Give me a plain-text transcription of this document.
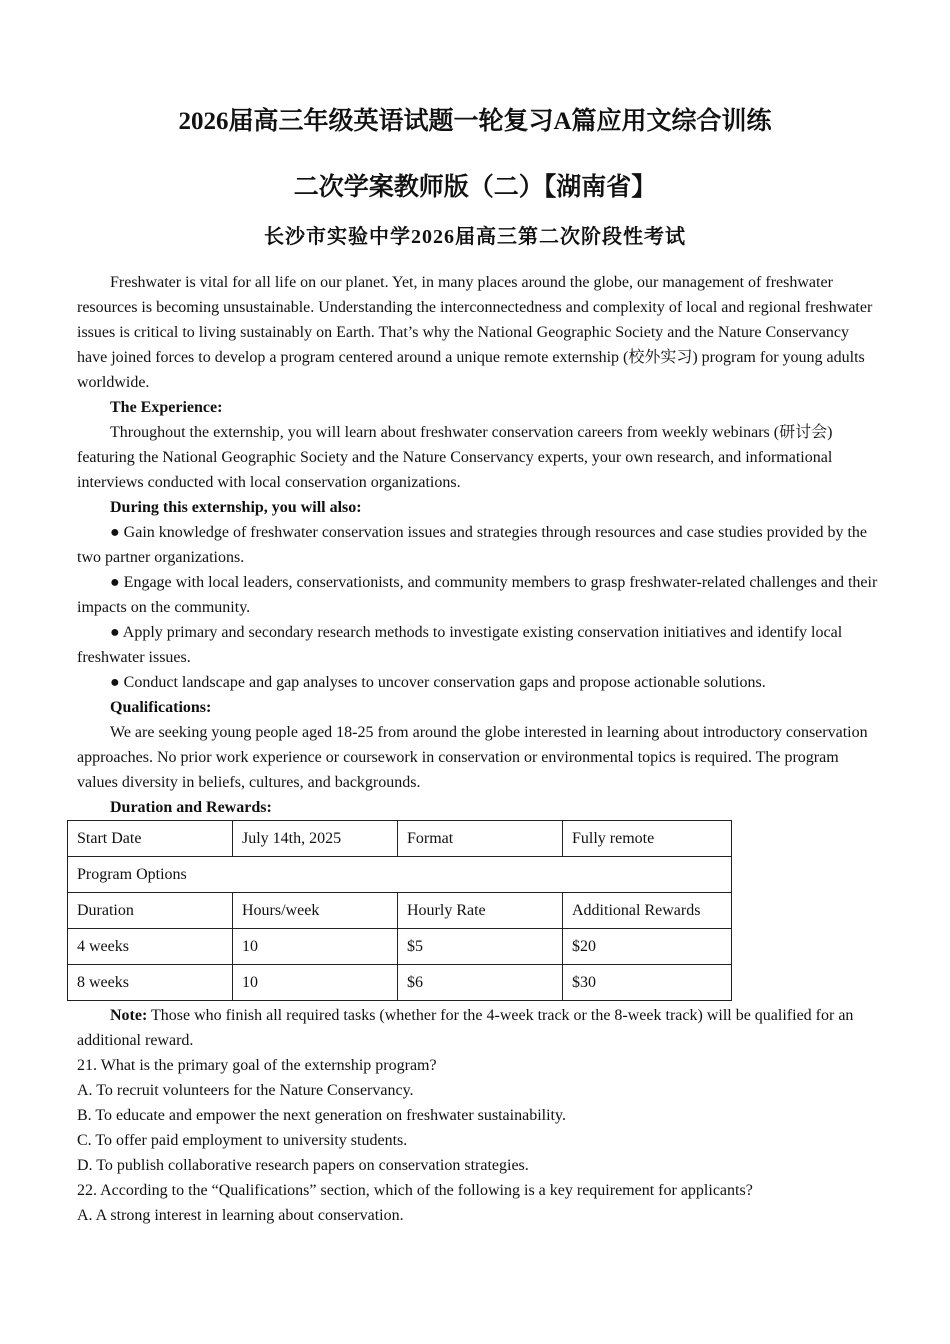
2026届高三年级英语试题一轮复习A篇应用文综合训练
二次学案教师版（二）【湖南省】
长沙市实验中学2026届高三第二次阶段性考试

Freshwater is vital for all life on our planet. Yet, in many places around the globe, our management of freshwater resources is becoming unsustainable. Understanding the interconnectedness and complexity of local and regional freshwater issues is critical to living sustainably on Earth. That’s why the National Geographic Society and the Nature Conservancy have joined forces to develop a program centered around a unique remote externship (校外实习) program for young adults worldwide.

The Experience:

Throughout the externship, you will learn about freshwater conservation careers from weekly webinars (研讨会) featuring the National Geographic Society and the Nature Conservancy experts, your own research, and informational interviews conducted with local conservation organizations.

During this externship, you will also:

● Gain knowledge of freshwater conservation issues and strategies through resources and case studies provided by the two partner organizations.

● Engage with local leaders, conservationists, and community members to grasp freshwater-related challenges and their impacts on the community.

● Apply primary and secondary research methods to investigate existing conservation initiatives and identify local freshwater issues.

● Conduct landscape and gap analyses to uncover conservation gaps and propose actionable solutions.

Qualifications:

We are seeking young people aged 18-25 from around the globe interested in learning about introductory conservation approaches. No prior work experience or coursework in conservation or environmental topics is required. The program values diversity in beliefs, cultures, and backgrounds.

Duration and Rewards:

Start Date	July 14th, 2025	Format	Fully remote
Program Options			
Duration	Hours/week	Hourly Rate	Additional Rewards
4 weeks	10	$5	$20
8 weeks	10	$6	$30

Note: Those who finish all required tasks (whether for the 4-week track or the 8-week track) will be qualified for an additional reward.

21. What is the primary goal of the externship program?

A. To recruit volunteers for the Nature Conservancy.

B. To educate and empower the next generation on freshwater sustainability.

C. To offer paid employment to university students.

D. To publish collaborative research papers on conservation strategies.

22. According to the “Qualifications” section, which of the following is a key requirement for applicants?

A. A strong interest in learning about conservation.
